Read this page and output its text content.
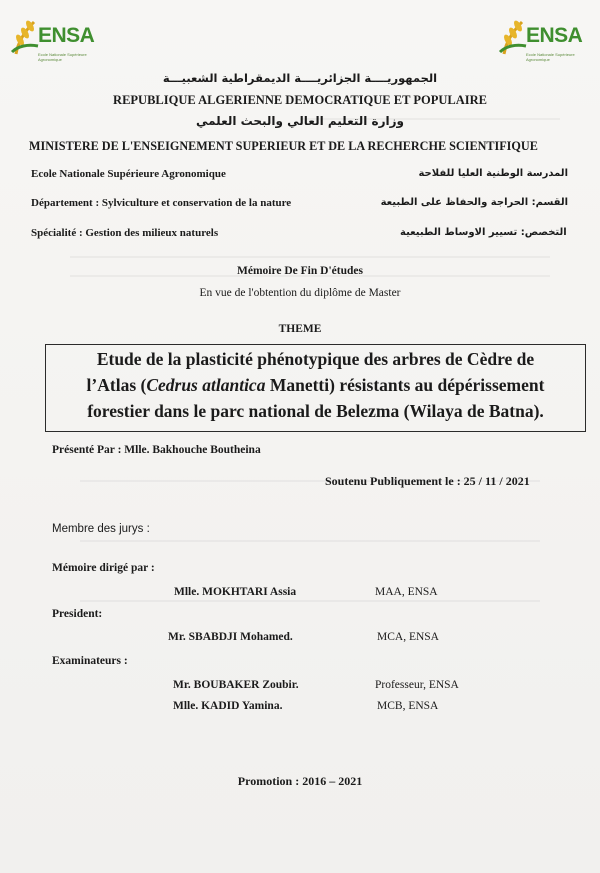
ENSA
Ecole Nationale Supérieure Agronomique
ENSA
Ecole Nationale Supérieure Agronomique
الجمهوريــــة الجزائريــــة الديمقراطية الشعبيـــة
REPUBLIQUE ALGERIENNE DEMOCRATIQUE ET POPULAIRE
وزارة التعليم العالي والبحث العلمي
MINISTERE DE L'ENSEIGNEMENT SUPERIEUR ET DE LA RECHERCHE SCIENTIFIQUE
Ecole Nationale Supérieure Agronomique	المدرسة الوطنية العليا للفلاحة
Département : Sylviculture et conservation de la nature	القسم: الحراجة والحفاظ على الطبيعة
Spécialité : Gestion des milieux naturels	التخصص: تسيير الاوساط الطبيعية
Mémoire De Fin D'études
En vue de l'obtention du diplôme de Master
THEME
Etude de la plasticité phénotypique des arbres de Cèdre de
l’Atlas (Cedrus atlantica Manetti) résistants au dépérissement
forestier dans le parc national de Belezma (Wilaya de Batna).
Présenté Par : Mlle. Bakhouche Boutheina
Soutenu Publiquement le : 25 / 11 / 2021
Membre des jurys :
Mémoire dirigé par :
Mlle. MOKHTARI Assia	MAA, ENSA
President:
Mr. SBABDJI Mohamed.	MCA, ENSA
Examinateurs :
Mr. BOUBAKER Zoubir.	Professeur, ENSA
Mlle. KADID Yamina.	MCB, ENSA
Promotion : 2016 – 2021
